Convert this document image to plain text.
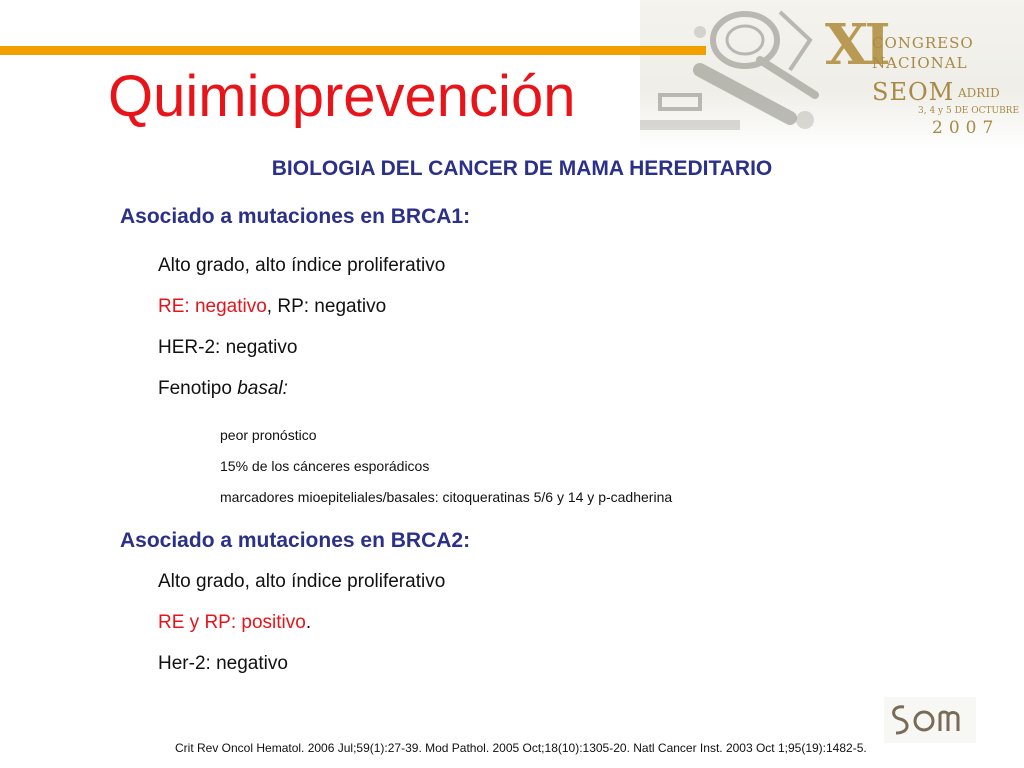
XI
CONGRESO
NACIONAL
SEOM ADRID
3, 4 y 5 DE OCTUBRE
2007
Quimioprevención
BIOLOGIA DEL CANCER DE MAMA HEREDITARIO
Asociado a mutaciones en BRCA1:
Alto grado, alto índice proliferativo
RE: negativo, RP: negativo
HER-2: negativo
Fenotipo basal:
peor pronóstico
15% de los cánceres esporádicos
marcadores mioepiteliales/basales: citoqueratinas 5/6 y 14 y p-cadherina
Asociado a mutaciones en BRCA2:
Alto grado, alto índice proliferativo
RE y RP: positivo.
Her-2: negativo
Crit Rev Oncol Hematol. 2006 Jul;59(1):27-39. Mod Pathol. 2005 Oct;18(10):1305-20. Natl Cancer Inst. 2003 Oct 1;95(19):1482-5.
